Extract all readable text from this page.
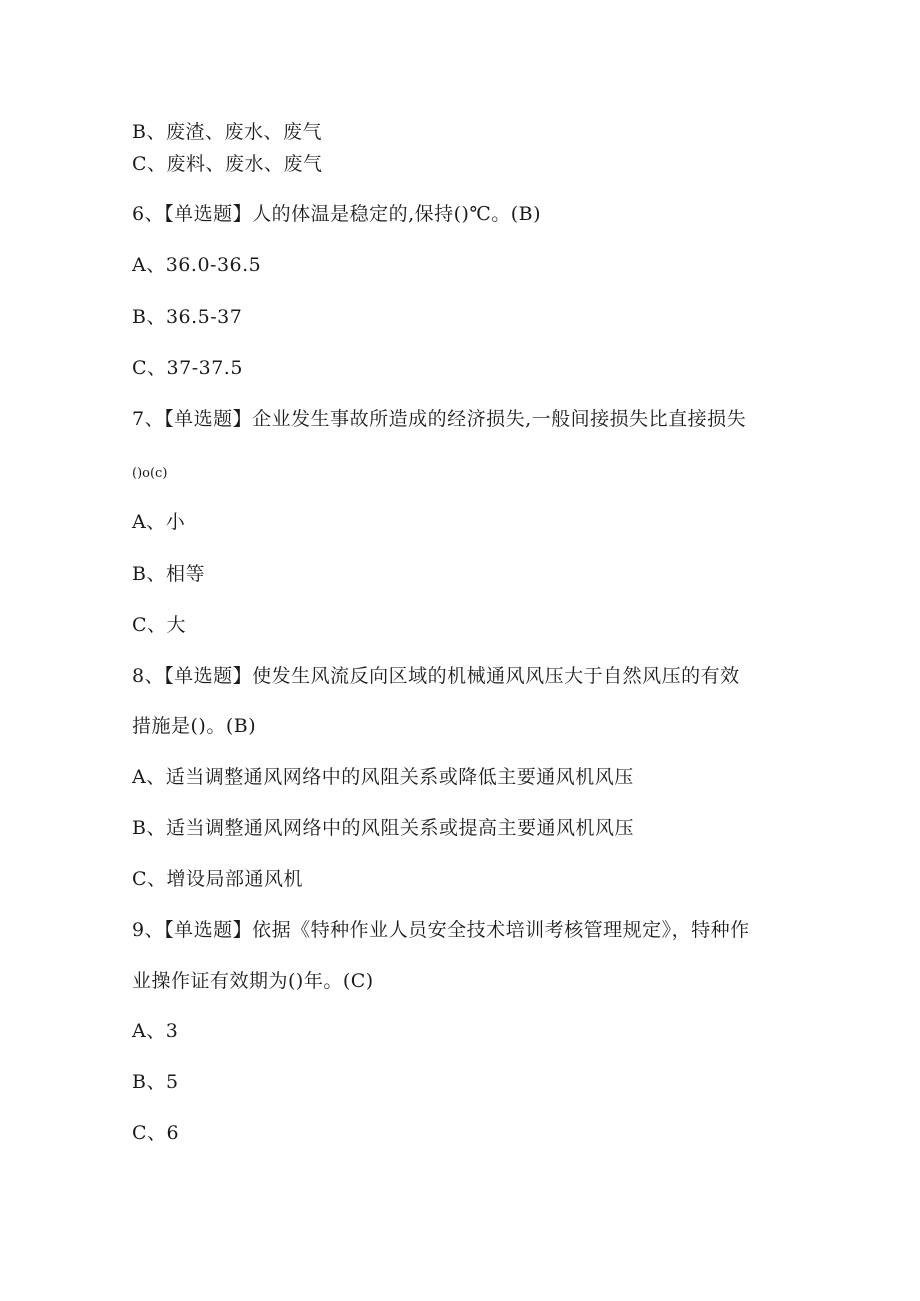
B、废渣、废水、废气
C、废料、废水、废气
6、【单选题】人的体温是稳定的,保持()℃。(B)
A、36.0-36.5
B、36.5-37
C、37-37.5
7、【单选题】企业发生事故所造成的经济损失,一般间接损失比直接损失
()o(c)
A、小
B、相等
C、大
8、【单选题】使发生风流反向区域的机械通风风压大于自然风压的有效
措施是()。(B)
A、适当调整通风网络中的风阻关系或降低主要通风机风压
B、适当调整通风网络中的风阻关系或提高主要通风机风压
C、增设局部通风机
9、【单选题】依据《特种作业人员安全技术培训考核管理规定》，特种作
业操作证有效期为()年。(C)
A、3
B、5
C、6
